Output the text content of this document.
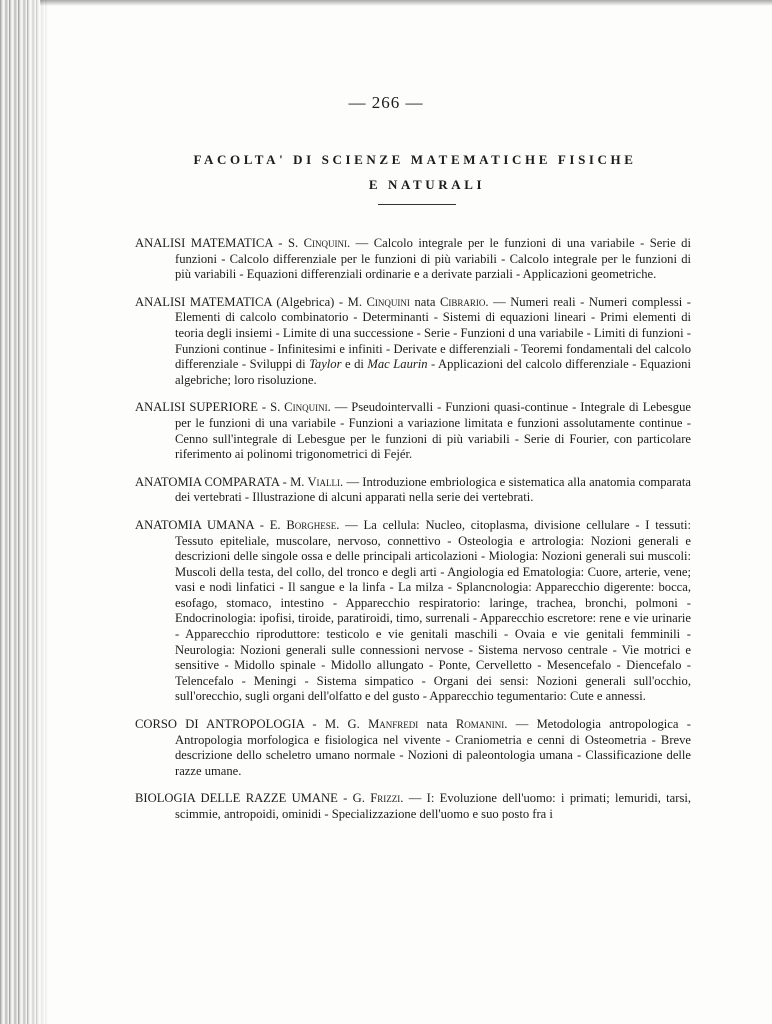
— 266 —
FACOLTA' DI SCIENZE MATEMATICHE FISICHE
E NATURALI

ANALISI MATEMATICA - S. Cinquini. — Calcolo integrale per le funzioni di una variabile - Serie di funzioni - Calcolo differenziale per le funzioni di più variabili - Calcolo integrale per le funzioni di più variabili - Equazioni differenziali ordinarie e a derivate parziali - Applicazioni geometriche.

ANALISI MATEMATICA (Algebrica) - M. Cinquini nata Cibrario. — Numeri reali - Numeri complessi - Elementi di calcolo combinatorio - Determinanti - Sistemi di equazioni lineari - Primi elementi di teoria degli insiemi - Limite di una successione - Serie - Funzioni d una variabile - Limiti di funzioni - Funzioni continue - Infinitesimi e infiniti - Derivate e differenziali - Teoremi fondamentali del calcolo differenziale - Sviluppi di Taylor e di Mac Laurin - Applicazioni del calcolo differenziale - Equazioni algebriche; loro risoluzione.

ANALISI SUPERIORE - S. Cinquini. — Pseudointervalli - Funzioni quasi-continue - Integrale di Lebesgue per le funzioni di una variabile - Funzioni a variazione limitata e funzioni assolutamente continue - Cenno sull'integrale di Lebesgue per le funzioni di più variabili - Serie di Fourier, con particolare riferimento ai polinomi trigonometrici di Fejér.

ANATOMIA COMPARATA - M. Vialli. — Introduzione embriologica e sistematica alla anatomia comparata dei vertebrati - Illustrazione di alcuni apparati nella serie dei vertebrati.

ANATOMIA UMANA - E. Borghese. — La cellula: Nucleo, citoplasma, divisione cellulare - I tessuti: Tessuto epiteliale, muscolare, nervoso, connettivo - Osteologia e artrologia: Nozioni generali e descrizioni delle singole ossa e delle principali articolazioni - Miologia: Nozioni generali sui muscoli: Muscoli della testa, del collo, del tronco e degli arti - Angiologia ed Ematologia: Cuore, arterie, vene; vasi e nodi linfatici - Il sangue e la linfa - La milza - Splancnologia: Apparecchio digerente: bocca, esofago, stomaco, intestino - Apparecchio respiratorio: laringe, trachea, bronchi, polmoni - Endocrinologia: ipofisi, tiroide, paratiroidi, timo, surrenali - Apparecchio escretore: rene e vie urinarie - Apparecchio riproduttore: testicolo e vie genitali maschili - Ovaia e vie genitali femminili - Neurologia: Nozioni generali sulle connessioni nervose - Sistema nervoso centrale - Vie motrici e sensitive - Midollo spinale - Midollo allungato - Ponte, Cervelletto - Mesencefalo - Diencefalo - Telencefalo - Meningi - Sistema simpatico - Organi dei sensi: Nozioni generali sull'occhio, sull'orecchio, sugli organi dell'olfatto e del gusto - Apparecchio tegumentario: Cute e annessi.

CORSO DI ANTROPOLOGIA - M. G. Manfredi nata Romanini. — Metodologia antropologica - Antropologia morfologica e fisiologica nel vivente - Craniometria e cenni di Osteometria - Breve descrizione dello scheletro umano normale - Nozioni di paleontologia umana - Classificazione delle razze umane.

BIOLOGIA DELLE RAZZE UMANE - G. Frizzi. — I: Evoluzione dell'uomo: i primati; lemuridi, tarsi, scimmie, antropoidi, ominidi - Specializzazione dell'uomo e suo posto fra i
